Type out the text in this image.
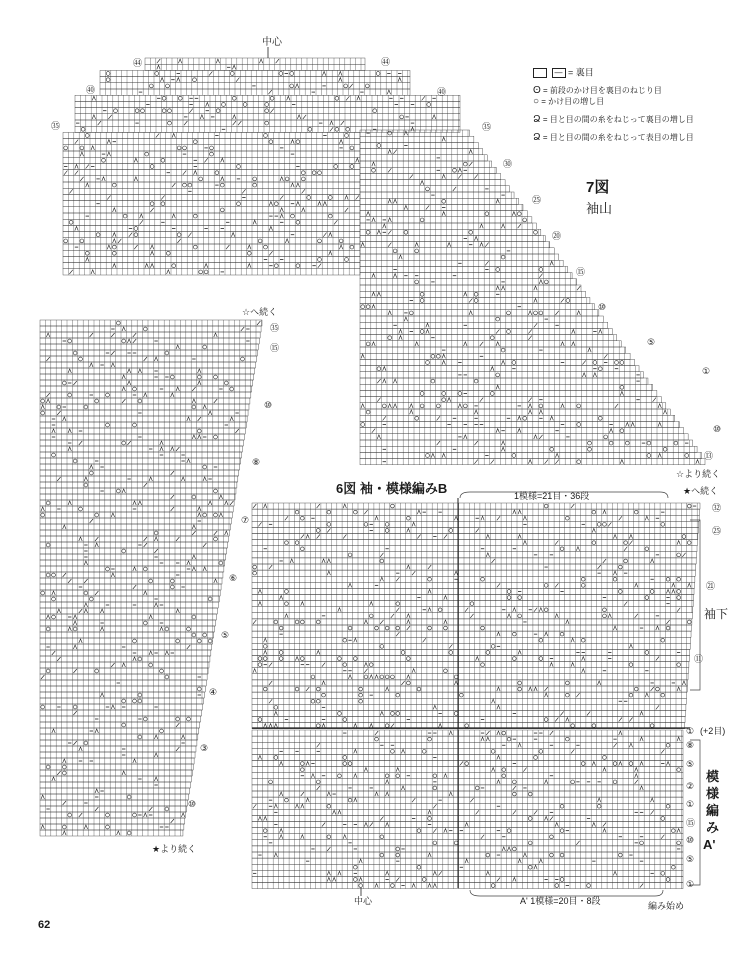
— = 裏目
ʘ = 前段のかけ目を裏目のねじり目
○ = かけ目の増し目
Ձ = 目と目の間の糸をねじって裏目の増し目
Ձ = 目と目の間の糸をねじって表目の増し目
中心
7図
袖山
☆より続く
6図 袖・模様編みB	1模様=21目・36段	★へ続く
袖下
(+2目)
模
様
編
み
A'
中心	A' 1模様=20目・8段	編み始め
☆へ続く
★より続く
62
㊹
㊵
㉟
㊹
㊵
㉟
㉚
㉕
⑳
⑮
⑩
⑤
①
⑩
⑬
㉜
㉕
㉑
⑪
①
⑧
⑤
②
①
⑮
⑩
⑤
①
㉟
⑮
⑩
⑧
⑦
⑥
⑤
④
③
⑩
